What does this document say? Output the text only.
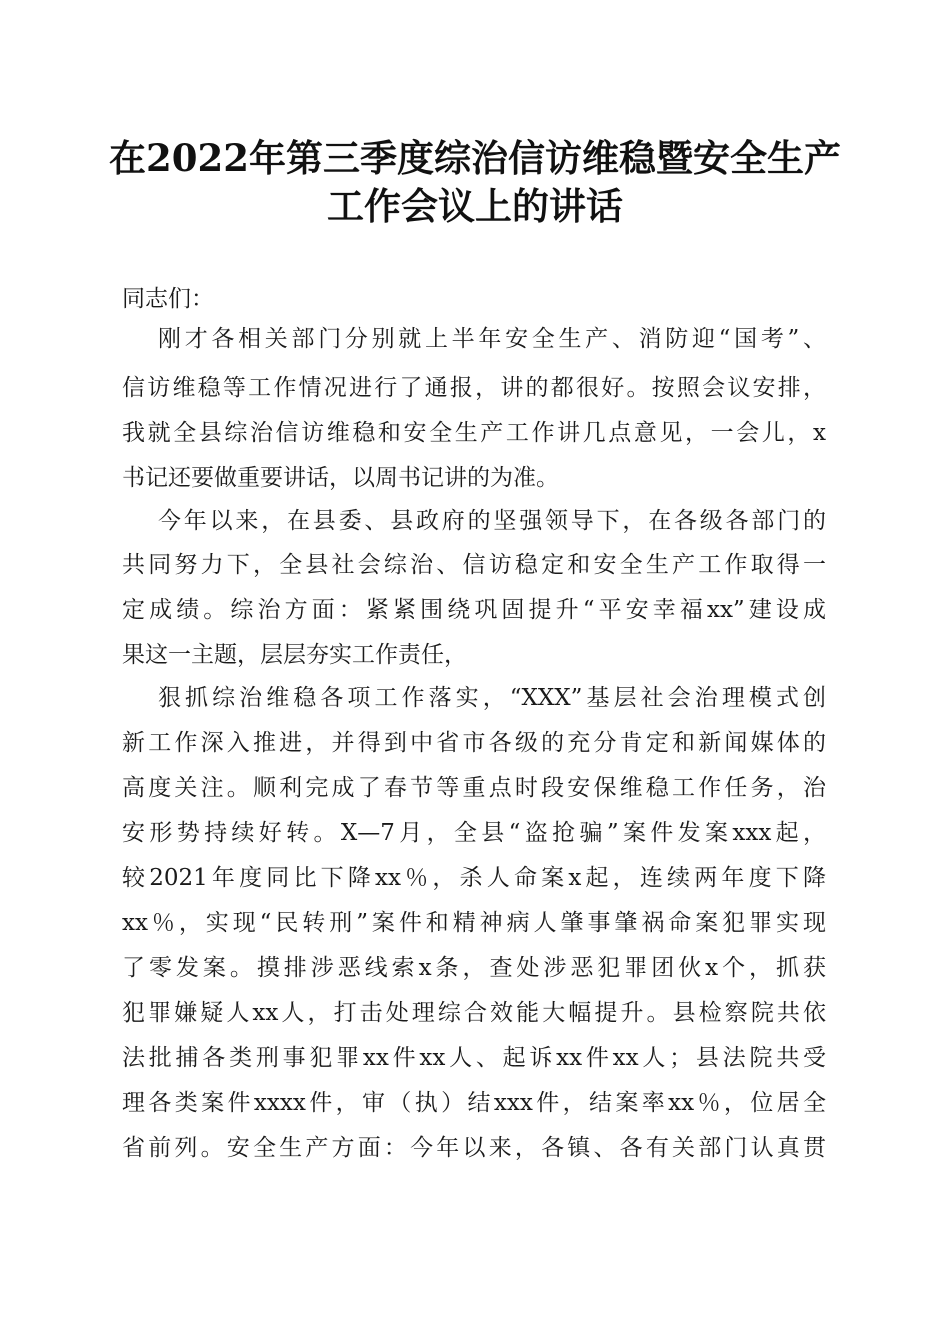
在2022年第三季度综治信访维稳暨安全生产
工作会议上的讲话
同志们：
刚才各相关部门分别就上半年安全生产、消防迎“国考”、
信访维稳等工作情况进行了通报，讲的都很好。按照会议安排，
我就全县综治信访维稳和安全生产工作讲几点意见，一会儿，x
书记还要做重要讲话，以周书记讲的为准。
今年以来，在县委、县政府的坚强领导下，在各级各部门的
共同努力下，全县社会综治、信访稳定和安全生产工作取得一
定成绩。综治方面：紧紧围绕巩固提升“平安幸福xx”建设成
果这一主题，层层夯实工作责任，
狠抓综治维稳各项工作落实，“XXX”基层社会治理模式创
新工作深入推进，并得到中省市各级的充分肯定和新闻媒体的
高度关注。顺利完成了春节等重点时段安保维稳工作任务，治
安形势持续好转。X—7月，全县“盗抢骗”案件发案xxx起，
较2021年度同比下降xx％，杀人命案x起，连续两年度下降
xx％，实现“民转刑”案件和精神病人肇事肇祸命案犯罪实现
了零发案。摸排涉恶线索x条，查处涉恶犯罪团伙x个，抓获
犯罪嫌疑人xx人，打击处理综合效能大幅提升。县检察院共依
法批捕各类刑事犯罪xx件xx人、起诉xx件xx人；县法院共受
理各类案件xxxx件，审（执）结xxx件，结案率xx％，位居全
省前列。安全生产方面：今年以来，各镇、各有关部门认真贯
